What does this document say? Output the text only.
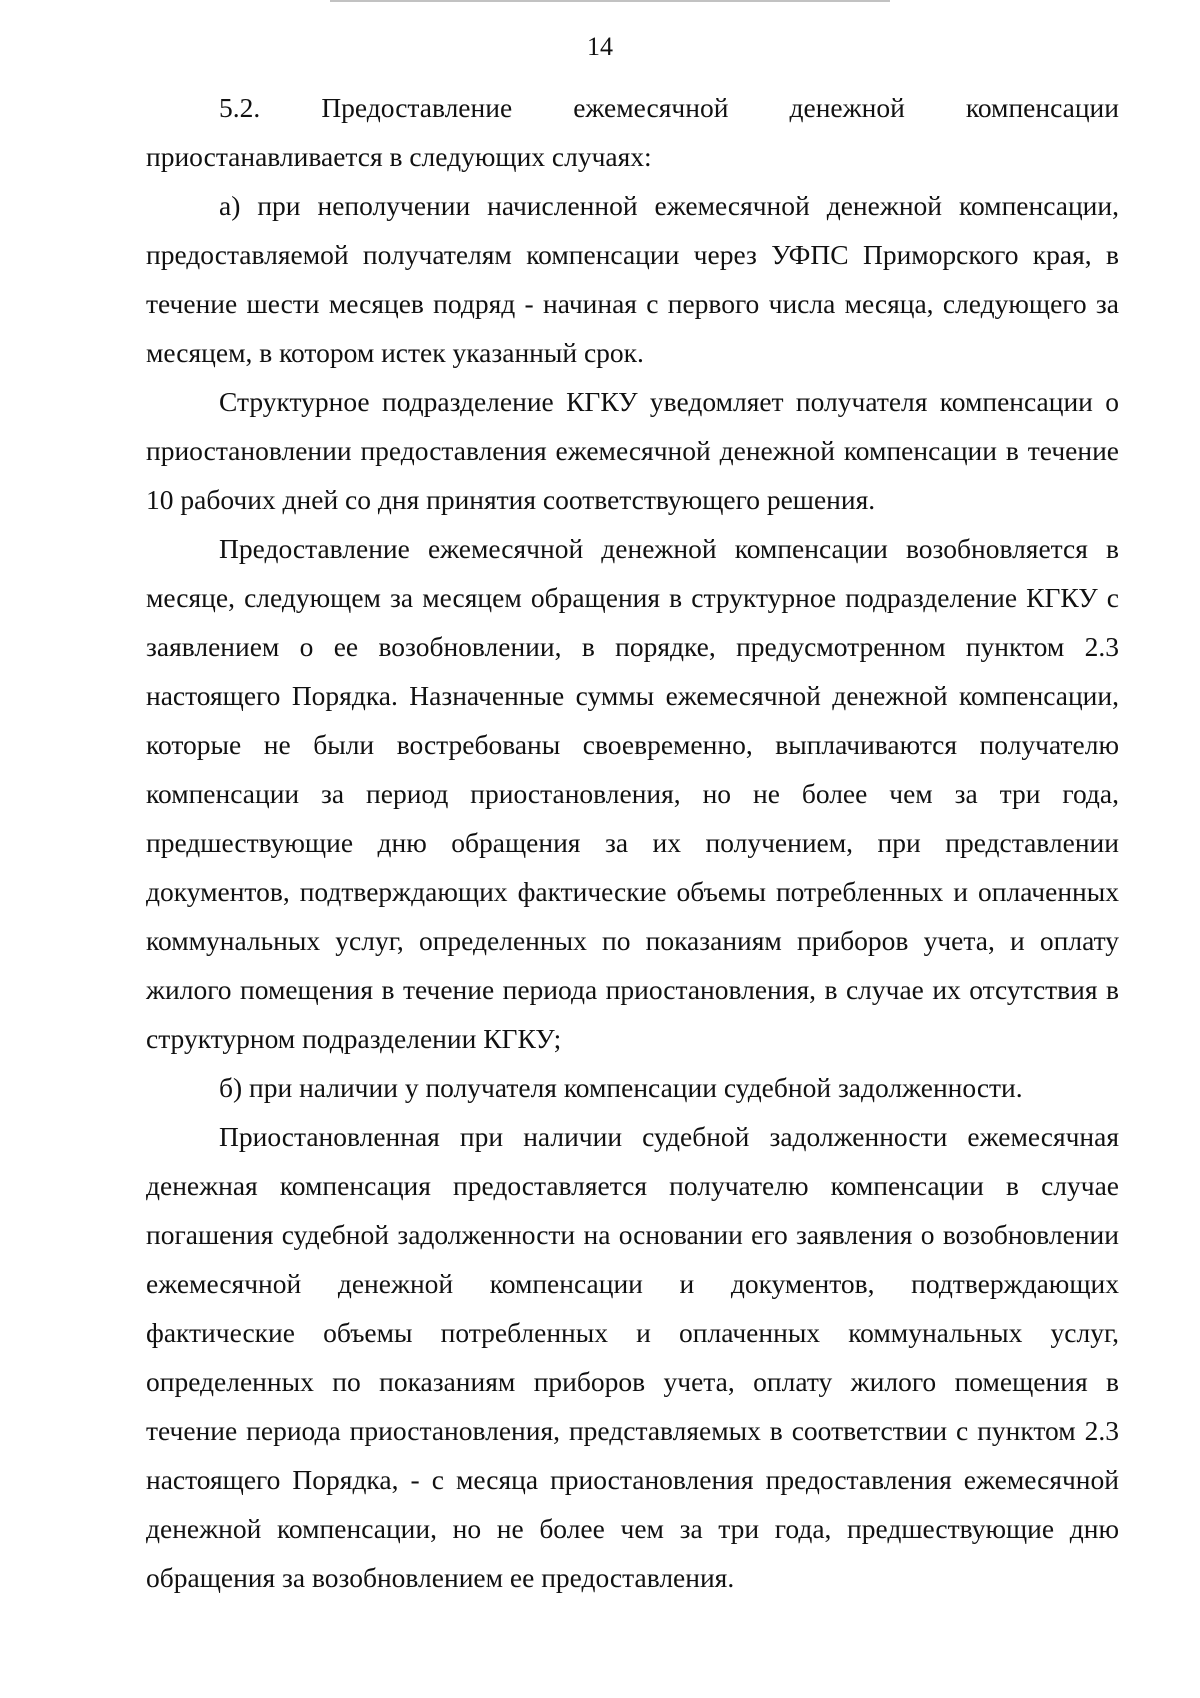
14

5.2. Предоставление ежемесячной денежной компенсации приостанавливается в следующих случаях:

а) при неполучении начисленной ежемесячной денежной компенсации, предоставляемой получателям компенсации через УФПС Приморского края, в течение шести месяцев подряд - начиная с первого числа месяца, следующего за месяцем, в котором истек указанный срок.

Структурное подразделение КГКУ уведомляет получателя компенсации о приостановлении предоставления ежемесячной денежной компенсации в течение 10 рабочих дней со дня принятия соответствующего решения.

Предоставление ежемесячной денежной компенсации возобновляется в месяце, следующем за месяцем обращения в структурное подразделение КГКУ с заявлением о ее возобновлении, в порядке, предусмотренном пунктом 2.3 настоящего Порядка. Назначенные суммы ежемесячной денежной компенсации, которые не были востребованы своевременно, выплачиваются получателю компенсации за период приостановления, но не более чем за три года, предшествующие дню обращения за их получением, при представлении документов, подтверждающих фактические объемы потребленных и оплаченных коммунальных услуг, определенных по показаниям приборов учета, и оплату жилого помещения в течение периода приостановления, в случае их отсутствия в структурном подразделении КГКУ;

б) при наличии у получателя компенсации судебной задолженности.

Приостановленная при наличии судебной задолженности ежемесячная денежная компенсация предоставляется получателю компенсации в случае погашения судебной задолженности на основании его заявления о возобновлении ежемесячной денежной компенсации и документов, подтверждающих фактические объемы потребленных и оплаченных коммунальных услуг, определенных по показаниям приборов учета, оплату жилого помещения в течение периода приостановления, представляемых в соответствии с пунктом 2.3 настоящего Порядка, - с месяца приостановления предоставления ежемесячной денежной компенсации, но не более чем за три года, предшествующие дню обращения за возобновлением ее предоставления.
